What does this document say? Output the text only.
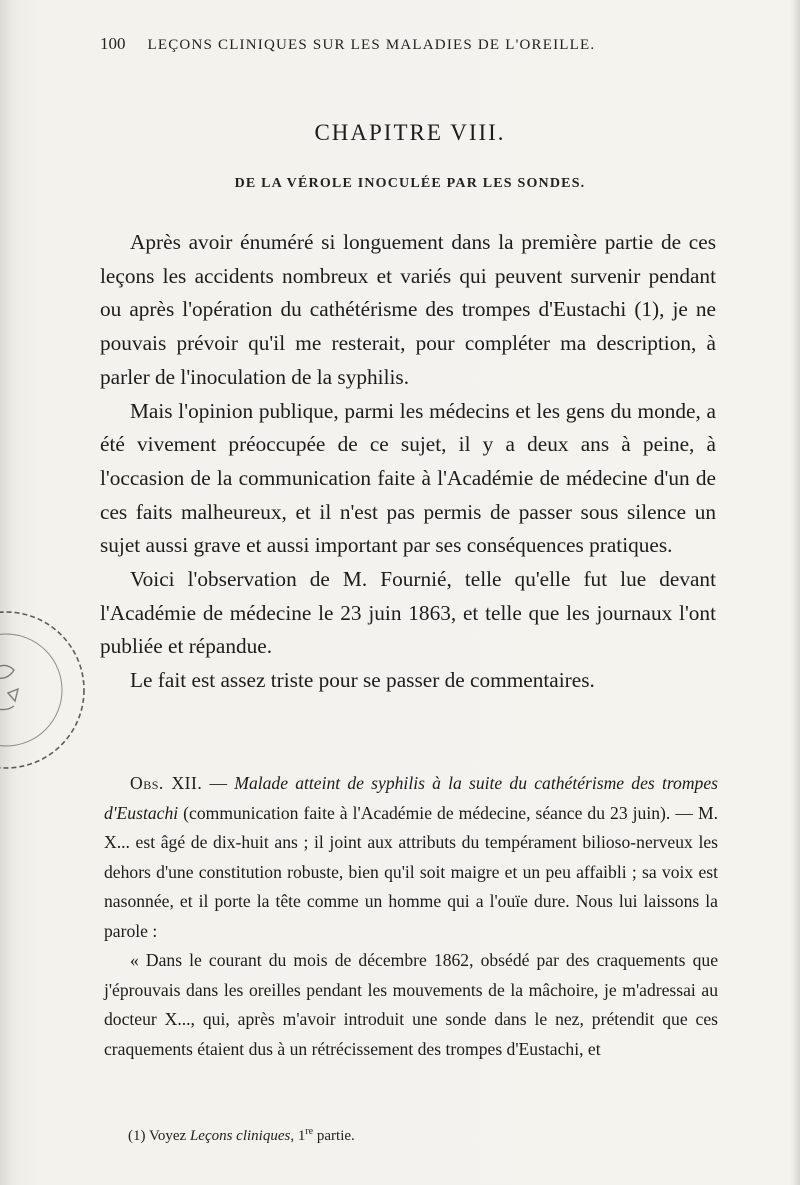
100 LEÇONS CLINIQUES SUR LES MALADIES DE L'OREILLE.
CHAPITRE VIII.
DE LA VÉROLE INOCULÉE PAR LES SONDES.

Après avoir énuméré si longuement dans la première partie de ces leçons les accidents nombreux et variés qui peuvent survenir pendant ou après l'opération du cathétérisme des trompes d'Eustachi (1), je ne pouvais prévoir qu'il me resterait, pour compléter ma description, à parler de l'inoculation de la syphilis.

Mais l'opinion publique, parmi les médecins et les gens du monde, a été vivement préoccupée de ce sujet, il y a deux ans à peine, à l'occasion de la communication faite à l'Académie de médecine d'un de ces faits malheureux, et il n'est pas permis de passer sous silence un sujet aussi grave et aussi important par ses conséquences pratiques.

Voici l'observation de M. Fournié, telle qu'elle fut lue devant l'Académie de médecine le 23 juin 1863, et telle que les journaux l'ont publiée et répandue.

Le fait est assez triste pour se passer de commentaires.

Obs. XII. — Malade atteint de syphilis à la suite du cathétérisme des trompes d'Eustachi (communication faite à l'Académie de médecine, séance du 23 juin). — M. X... est âgé de dix-huit ans ; il joint aux attributs du tempérament bilioso-nerveux les dehors d'une constitution robuste, bien qu'il soit maigre et un peu affaibli ; sa voix est nasonnée, et il porte la tête comme un homme qui a l'ouïe dure. Nous lui laissons la parole :

« Dans le courant du mois de décembre 1862, obsédé par des craquements que j'éprouvais dans les oreilles pendant les mouvements de la mâchoire, je m'adressai au docteur X..., qui, après m'avoir introduit une sonde dans le nez, prétendit que ces craquements étaient dus à un rétrécissement des trompes d'Eustachi, et

(1) Voyez Leçons cliniques, 1re partie.
